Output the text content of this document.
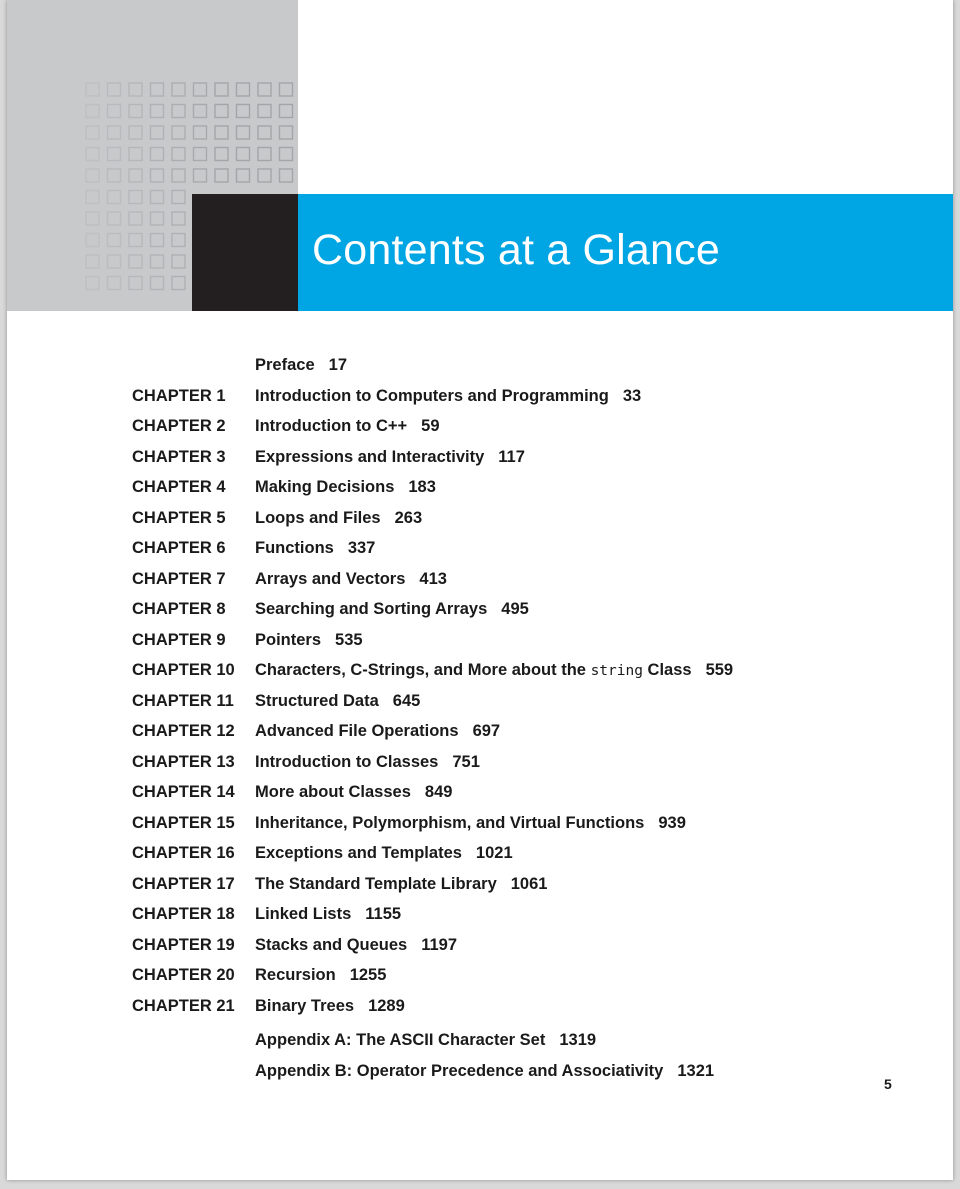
Contents at a Glance
Preface 17
CHAPTER 1 Introduction to Computers and Programming 33
CHAPTER 2 Introduction to C++ 59
CHAPTER 3 Expressions and Interactivity 117
CHAPTER 4 Making Decisions 183
CHAPTER 5 Loops and Files 263
CHAPTER 6 Functions 337
CHAPTER 7 Arrays and Vectors 413
CHAPTER 8 Searching and Sorting Arrays 495
CHAPTER 9 Pointers 535
CHAPTER 10 Characters, C-Strings, and More about the string Class 559
CHAPTER 11 Structured Data 645
CHAPTER 12 Advanced File Operations 697
CHAPTER 13 Introduction to Classes 751
CHAPTER 14 More about Classes 849
CHAPTER 15 Inheritance, Polymorphism, and Virtual Functions 939
CHAPTER 16 Exceptions and Templates 1021
CHAPTER 17 The Standard Template Library 1061
CHAPTER 18 Linked Lists 1155
CHAPTER 19 Stacks and Queues 1197
CHAPTER 20 Recursion 1255
CHAPTER 21 Binary Trees 1289
Appendix A: The ASCII Character Set 1319
Appendix B: Operator Precedence and Associativity 1321
5
